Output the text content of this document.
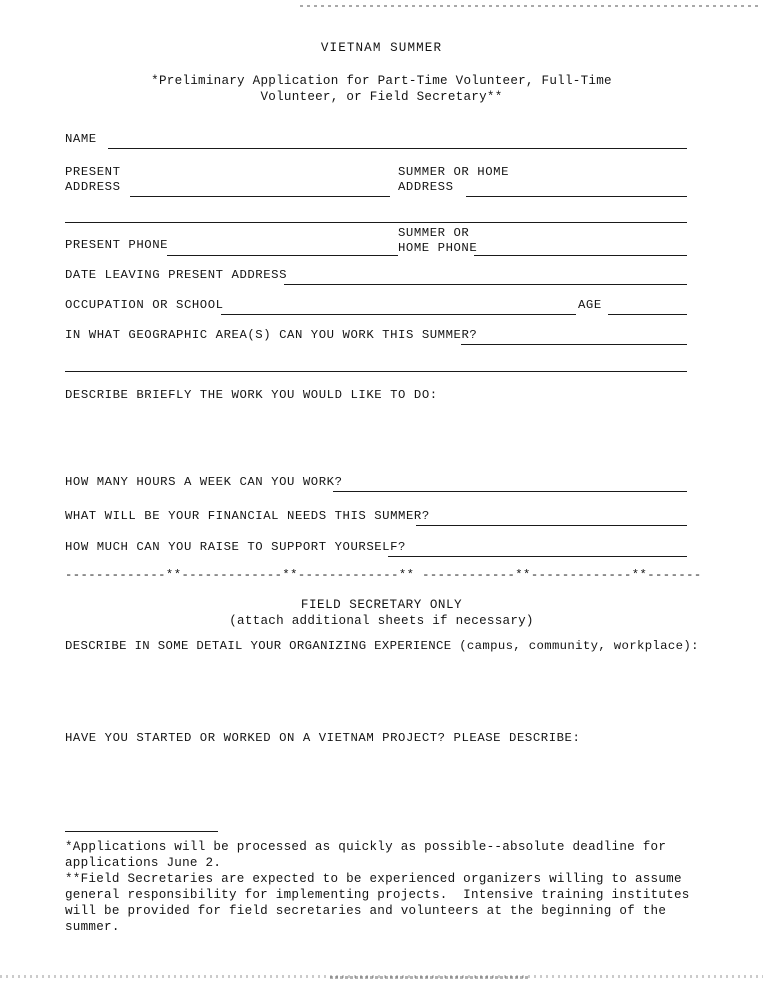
VIETNAM SUMMER
*Preliminary Application for Part-Time Volunteer, Full-Time
Volunteer, or Field Secretary**
NAME
PRESENT
ADDRESS
SUMMER OR HOME
ADDRESS
PRESENT PHONE
SUMMER OR
HOME PHONE
DATE LEAVING PRESENT ADDRESS
OCCUPATION OR SCHOOL	AGE
IN WHAT GEOGRAPHIC AREA(S) CAN YOU WORK THIS SUMMER?
DESCRIBE BRIEFLY THE WORK YOU WOULD LIKE TO DO:
HOW MANY HOURS A WEEK CAN YOU WORK?
WHAT WILL BE YOUR FINANCIAL NEEDS THIS SUMMER?
HOW MUCH CAN YOU RAISE TO SUPPORT YOURSELF?
-------------**-------------**-------------** ------------**-------------**-------
FIELD SECRETARY ONLY
(attach additional sheets if necessary)
DESCRIBE IN SOME DETAIL YOUR ORGANIZING EXPERIENCE (campus, community, workplace):
HAVE YOU STARTED OR WORKED ON A VIETNAM PROJECT? PLEASE DESCRIBE:
*Applications will be processed as quickly as possible--absolute deadline for
applications June 2.
**Field Secretaries are expected to be experienced organizers willing to assume
general responsibility for implementing projects.  Intensive training institutes
will be provided for field secretaries and volunteers at the beginning of the
summer.
